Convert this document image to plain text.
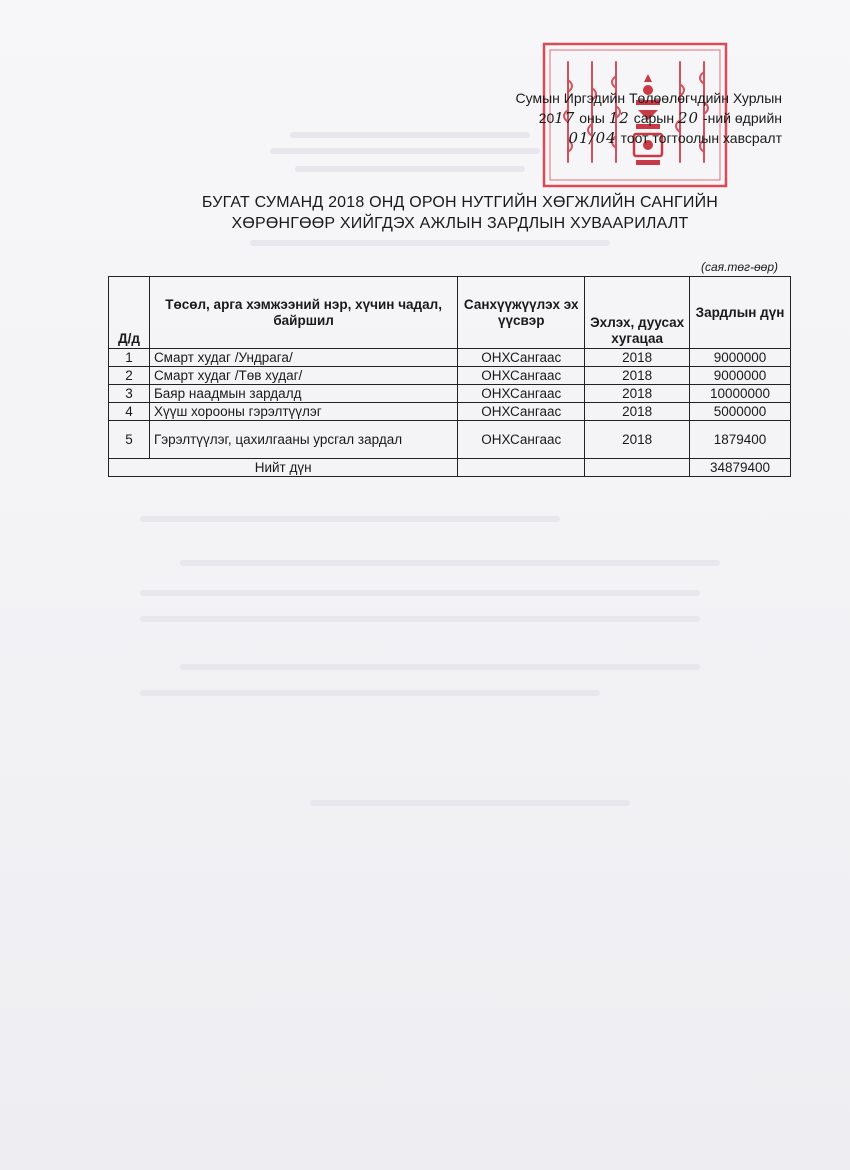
Сумын Иргэдийн Төлөөлөгчдийн Хурлын
2017 оны 12 сарын 20 -ний өдрийн
01/04 тоот тогтоолын хавсралт
БУГАТ СУМАНД 2018 ОНД ОРОН НУТГИЙН ХӨГЖЛИЙН САНГИЙН
ХӨРӨНГӨӨР ХИЙГДЭХ АЖЛЫН ЗАРДЛЫН ХУВААРИЛАЛТ
(сая.төг-өөр)
Д/д	Төсөл, арга хэмжээний нэр, хүчин чадал, байршил	Санхүүжүүлэх эх үүсвэр	Эхлэх, дуусах хугацаа	Зардлын дүн
1	Смарт худаг /Ундрага/	ОНХСангаас	2018	9000000
2	Смарт худаг /Төв худаг/	ОНХСангаас	2018	9000000
3	Баяр наадмын зардалд	ОНХСангаас	2018	10000000
4	Хүүш хорооны гэрэлтүүлэг	ОНХСангаас	2018	5000000
5	Гэрэлтүүлэг, цахилгааны урсгал зардал	ОНХСангаас	2018	1879400
Нийт дүн				34879400
